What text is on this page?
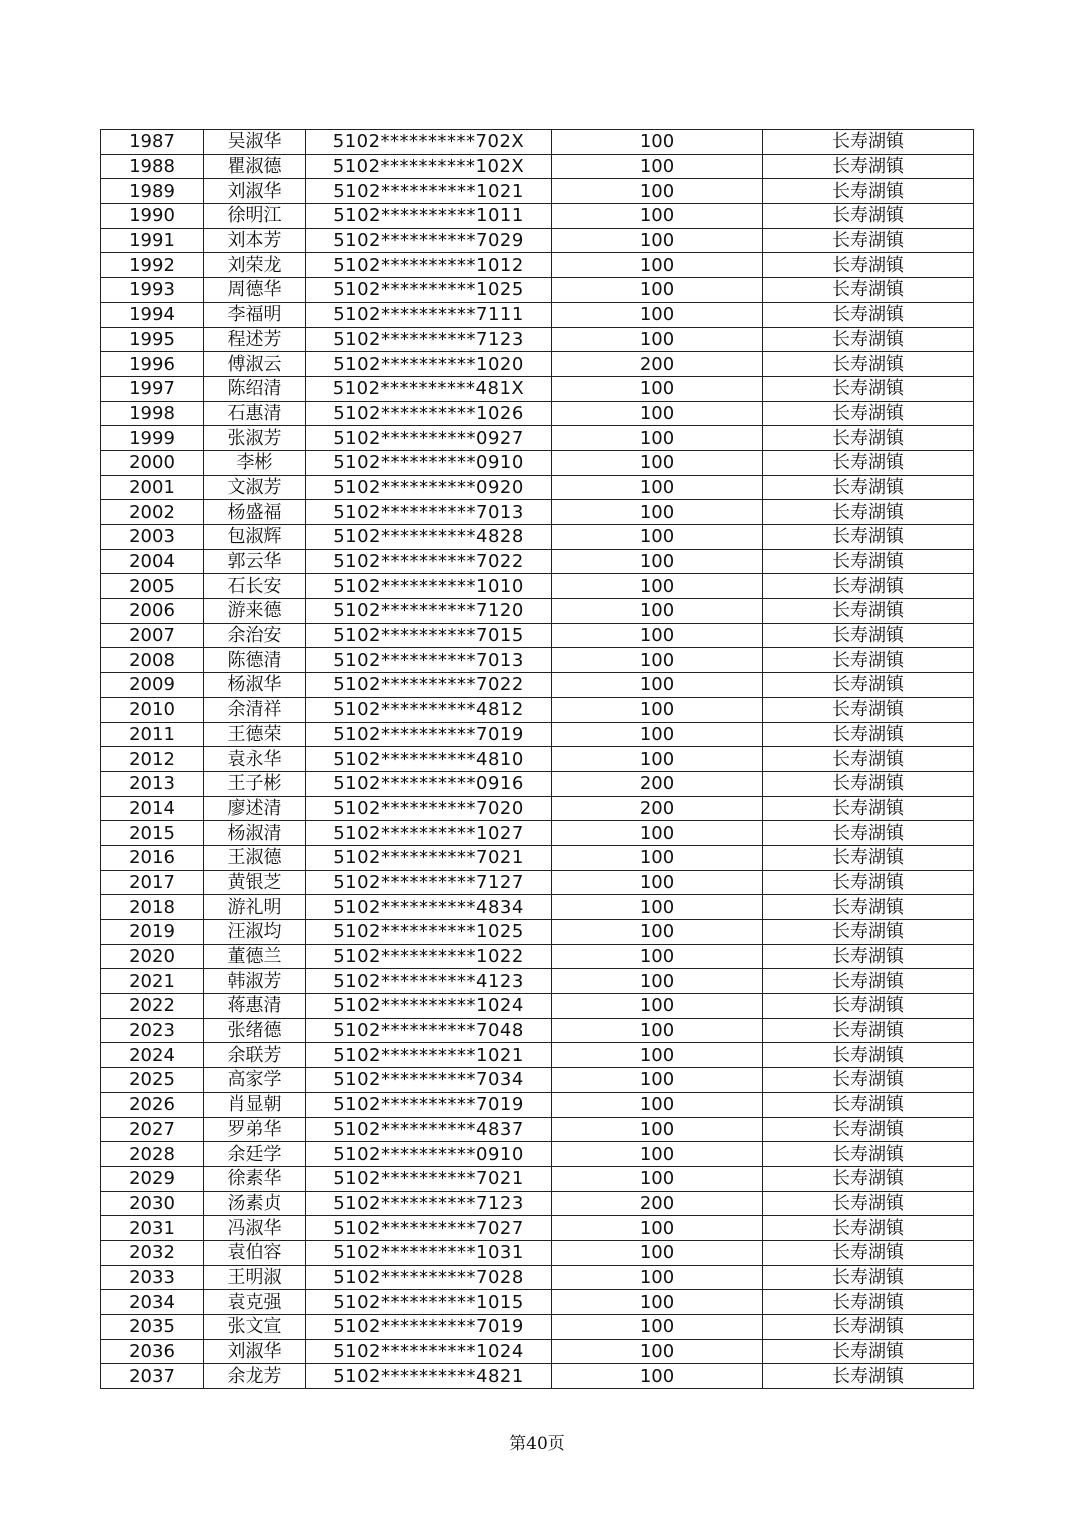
1987	吴淑华	5102**********702X	100	长寿湖镇
1988	瞿淑德	5102**********102X	100	长寿湖镇
1989	刘淑华	5102**********1021	100	长寿湖镇
1990	徐明江	5102**********1011	100	长寿湖镇
1991	刘本芳	5102**********7029	100	长寿湖镇
1992	刘荣龙	5102**********1012	100	长寿湖镇
1993	周德华	5102**********1025	100	长寿湖镇
1994	李福明	5102**********7111	100	长寿湖镇
1995	程述芳	5102**********7123	100	长寿湖镇
1996	傅淑云	5102**********1020	200	长寿湖镇
1997	陈绍清	5102**********481X	100	长寿湖镇
1998	石惠清	5102**********1026	100	长寿湖镇
1999	张淑芳	5102**********0927	100	长寿湖镇
2000	李彬	5102**********0910	100	长寿湖镇
2001	文淑芳	5102**********0920	100	长寿湖镇
2002	杨盛福	5102**********7013	100	长寿湖镇
2003	包淑辉	5102**********4828	100	长寿湖镇
2004	郭云华	5102**********7022	100	长寿湖镇
2005	石长安	5102**********1010	100	长寿湖镇
2006	游来德	5102**********7120	100	长寿湖镇
2007	余治安	5102**********7015	100	长寿湖镇
2008	陈德清	5102**********7013	100	长寿湖镇
2009	杨淑华	5102**********7022	100	长寿湖镇
2010	余清祥	5102**********4812	100	长寿湖镇
2011	王德荣	5102**********7019	100	长寿湖镇
2012	袁永华	5102**********4810	100	长寿湖镇
2013	王子彬	5102**********0916	200	长寿湖镇
2014	廖述清	5102**********7020	200	长寿湖镇
2015	杨淑清	5102**********1027	100	长寿湖镇
2016	王淑德	5102**********7021	100	长寿湖镇
2017	黄银芝	5102**********7127	100	长寿湖镇
2018	游礼明	5102**********4834	100	长寿湖镇
2019	汪淑均	5102**********1025	100	长寿湖镇
2020	董德兰	5102**********1022	100	长寿湖镇
2021	韩淑芳	5102**********4123	100	长寿湖镇
2022	蒋惠清	5102**********1024	100	长寿湖镇
2023	张绪德	5102**********7048	100	长寿湖镇
2024	余联芳	5102**********1021	100	长寿湖镇
2025	高家学	5102**********7034	100	长寿湖镇
2026	肖显朝	5102**********7019	100	长寿湖镇
2027	罗弟华	5102**********4837	100	长寿湖镇
2028	余廷学	5102**********0910	100	长寿湖镇
2029	徐素华	5102**********7021	100	长寿湖镇
2030	汤素贞	5102**********7123	200	长寿湖镇
2031	冯淑华	5102**********7027	100	长寿湖镇
2032	袁伯容	5102**********1031	100	长寿湖镇
2033	王明淑	5102**********7028	100	长寿湖镇
2034	袁克强	5102**********1015	100	长寿湖镇
2035	张文宣	5102**********7019	100	长寿湖镇
2036	刘淑华	5102**********1024	100	长寿湖镇
2037	余龙芳	5102**********4821	100	长寿湖镇
第40页
